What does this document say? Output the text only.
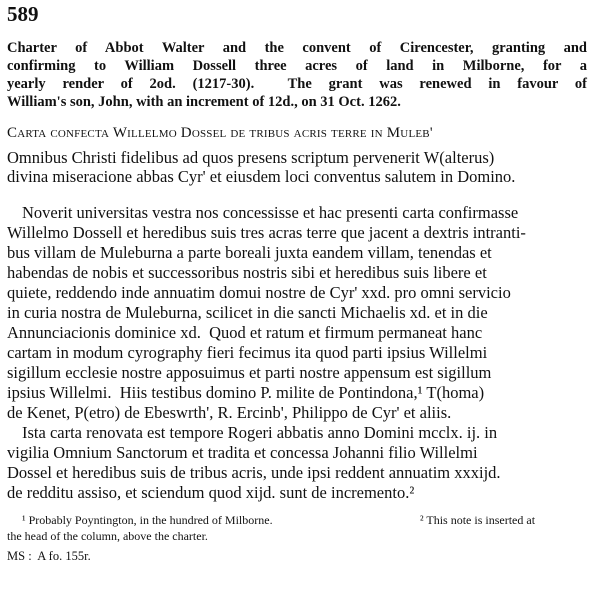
589
Charter of Abbot Walter and the convent of Cirencester, granting and
confirming to William Dossell three acres of land in Milborne, for a
yearly render of 2od. (1217-30).  The grant was renewed in favour of
William's son, John, with an increment of 12d., on 31 Oct. 1262.
Carta confecta Willelmo Dossel de tribus acris terre in Muleb'
Omnibus Christi fidelibus ad quos presens scriptum pervenerit W(alterus)
divina miseracione abbas Cyr' et eiusdem loci conventus salutem in Domino.
Noverit universitas vestra nos concessisse et hac presenti carta confirmasse
Willelmo Dossell et heredibus suis tres acras terre que jacent a dextris intranti-
bus villam de Muleburna a parte boreali juxta eandem villam, tenendas et
habendas de nobis et successoribus nostris sibi et heredibus suis libere et
quiete, reddendo inde annuatim domui nostre de Cyr' xxd. pro omni servicio
in curia nostra de Muleburna, scilicet in die sancti Michaelis xd. et in die
Annunciacionis dominice xd.  Quod et ratum et firmum permaneat hanc
cartam in modum cyrography fieri fecimus ita quod parti ipsius Willelmi
sigillum ecclesie nostre apposuimus et parti nostre appensum est sigillum
ipsius Willelmi.  Hiis testibus domino P. milite de Pontindona,¹ T(homa)
de Kenet, P(etro) de Ebeswrth', R. Ercinb', Philippo de Cyr' et aliis.
Ista carta renovata est tempore Rogeri abbatis anno Domini mcclx. ij. in
vigilia Omnium Sanctorum et tradita et concessa Johanni filio Willelmi
Dossel et heredibus suis de tribus acris, unde ipsi reddent annuatim xxxijd.
de redditu assiso, et sciendum quod xijd. sunt de incremento.²
¹ Probably Poyntington, in the hundred of Milborne.	² This note is inserted at
the head of the column, above the charter.
MS :  A fo. 155r.
